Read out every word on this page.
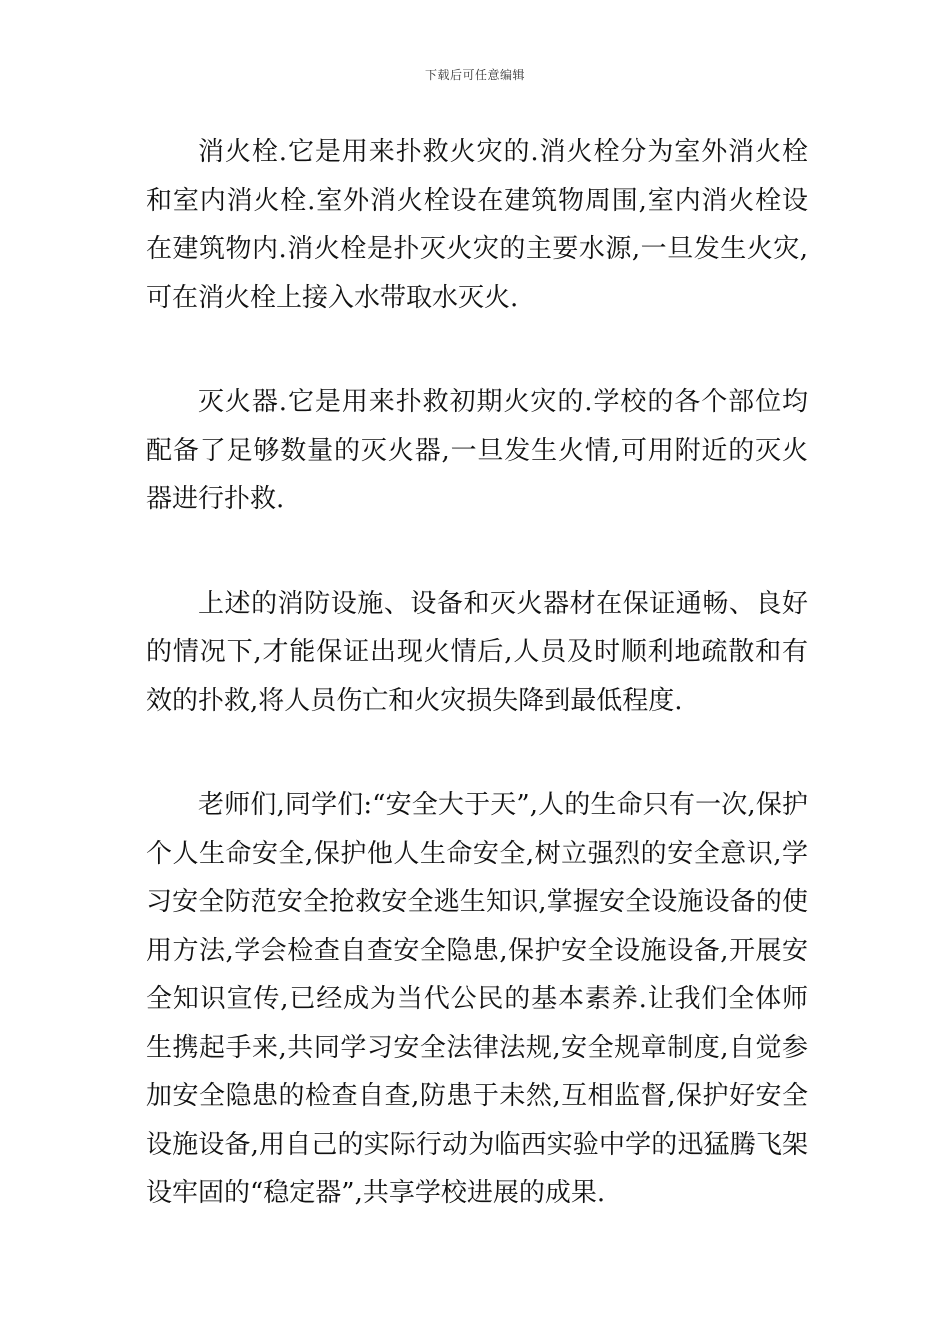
下载后可任意编辑

消火栓.它是用来扑救火灾的.消火栓分为室外消火栓和室内消火栓.室外消火栓设在建筑物周围,室内消火栓设在建筑物内.消火栓是扑灭火灾的主要水源,一旦发生火灾,可在消火栓上接入水带取水灭火.

灭火器.它是用来扑救初期火灾的.学校的各个部位均配备了足够数量的灭火器,一旦发生火情,可用附近的灭火器进行扑救.

上述的消防设施、设备和灭火器材在保证通畅、良好的情况下,才能保证出现火情后,人员及时顺利地疏散和有效的扑救,将人员伤亡和火灾损失降到最低程度.

老师们,同学们:“安全大于天”,人的生命只有一次,保护个人生命安全,保护他人生命安全,树立强烈的安全意识,学习安全防范安全抢救安全逃生知识,掌握安全设施设备的使用方法,学会检查自查安全隐患,保护安全设施设备,开展安全知识宣传,已经成为当代公民的基本素养.让我们全体师生携起手来,共同学习安全法律法规,安全规章制度,自觉参加安全隐患的检查自查,防患于未然,互相监督,保护好安全设施设备,用自己的实际行动为临西实验中学的迅猛腾飞架设牢固的“稳定器”,共享学校进展的成果.
